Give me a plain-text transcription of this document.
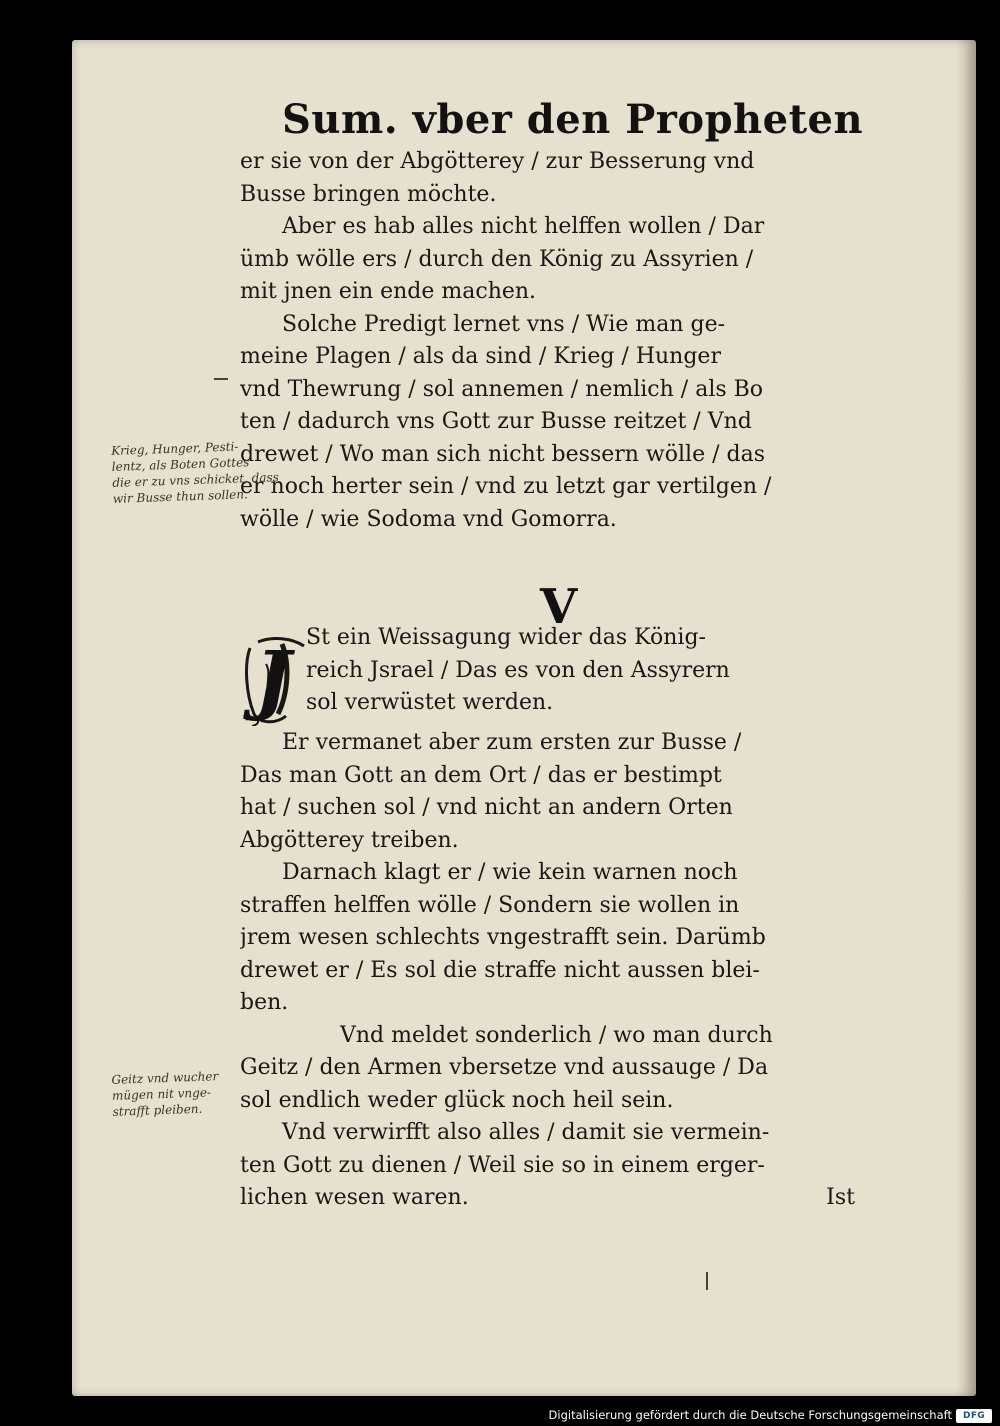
Sum. vber den Propheten

er sie von der Abgötterey / zur Besserung vnd

Busse bringen möchte.

Aber es hab alles nicht helffen wollen / Dar

ümb wölle ers / durch den König zu Assyrien /

mit jnen ein ende machen.

Solche Predigt lernet vns / Wie man ge-

meine Plagen / als da sind / Krieg / Hunger

vnd Thewrung / sol annemen / nemlich / als Bo

ten / dadurch vns Gott zur Busse reitzet / Vnd

drewet / Wo man sich nicht bessern wölle / das

er noch herter sein / vnd zu letzt gar vertilgen /

wölle / wie Sodoma vnd Gomorra.

V

J St ein Weissagung wider das König-

reich Jsrael / Das es von den Assyrern

sol verwüstet werden.

Er vermanet aber zum ersten zur Busse /

Das man Gott an dem Ort / das er bestimpt

hat / suchen sol / vnd nicht an andern Orten

Abgötterey treiben.

Darnach klagt er / wie kein warnen noch

straffen helffen wölle / Sondern sie wollen in

jrem wesen schlechts vngestrafft sein. Darümb

drewet er / Es sol die straffe nicht aussen blei-

ben.

Vnd meldet sonderlich / wo man durch

Geitz / den Armen vbersetze vnd aussauge / Da

sol endlich weder glück noch heil sein.

Vnd verwirfft also alles / damit sie vermein-

ten Gott zu dienen / Weil sie so in einem erger-

lichen wesen waren.	Ist
Krieg, Hunger, Pesti-
lentz, als Boten Gottes
die er zu vns schicket, dass
wir Busse thun sollen.
Geitz vnd wucher
mügen nit vnge-
strafft pleiben.
Digitalisierung gefördert durch die Deutsche Forschungsgemeinschaft	DFG
